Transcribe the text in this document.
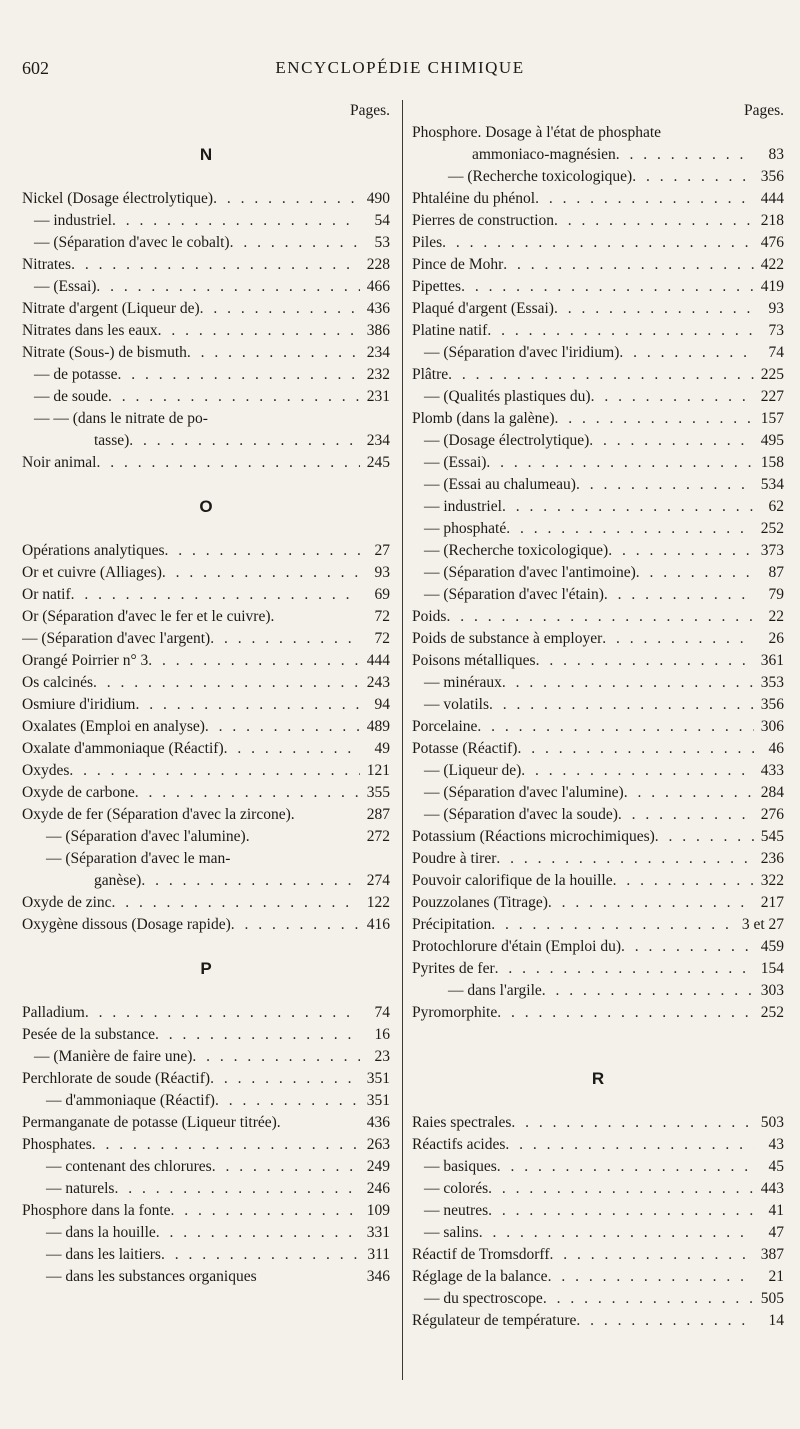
602	ENCYCLOPÉDIE CHIMIQUE
Pages.
N
Nickel (Dosage électrolytique) . . .	490
— industriel . . .	54
— (Séparation d'avec le cobalt) . . .	53
Nitrates . . .	228
— (Essai) . . .	466
Nitrate d'argent (Liqueur de) . . .	436
Nitrates dans les eaux . . .	386
Nitrate (Sous-) de bismuth . . .	234
— de potasse . . .	232
— de soude . . .	231
— — (dans le nitrate de po-
tasse) . . .	234
Noir animal . . .	245
O
Opérations analytiques . . .	27
Or et cuivre (Alliages) . . .	93
Or natif . . .	69
Or (Séparation d'avec le fer et le cuivre).	72
— (Séparation d'avec l'argent) . . .	72
Orangé Poirrier n° 3 . . .	444
Os calcinés . . .	243
Osmiure d'iridium . . .	94
Oxalates (Emploi en analyse) . . .	489
Oxalate d'ammoniaque (Réactif) . . .	49
Oxydes . . .	121
Oxyde de carbone . . .	355
Oxyde de fer (Séparation d'avec la zircone).	287
— (Séparation d'avec l'alumine).	272
— (Séparation d'avec le man-
ganèse) . . .	274
Oxyde de zinc . . .	122
Oxygène dissous (Dosage rapide) . . .	416
P
Palladium . . .	74
Pesée de la substance . . .	16
— (Manière de faire une) . . .	23
Perchlorate de soude (Réactif) . . .	351
— d'ammoniaque (Réactif) . . .	351
Permanganate de potasse (Liqueur titrée).	436
Phosphates . . .	263
— contenant des chlorures . . .	249
— naturels . . .	246
Phosphore dans la fonte . . .	109
— dans la houille . . .	331
— dans les laitiers . . .	311
— dans les substances organiques	346
Pages.
Phosphore. Dosage à l'état de phosphate
ammoniaco-magnésien . . .	83
— (Recherche toxicologique) . . .	356
Phtaléine du phénol . . .	444
Pierres de construction . . .	218
Piles . . .	476
Pince de Mohr . . .	422
Pipettes . . .	419
Plaqué d'argent (Essai) . . .	93
Platine natif . . .	73
— (Séparation d'avec l'iridium) . . .	74
Plâtre . . .	225
— (Qualités plastiques du) . . .	227
Plomb (dans la galène) . . .	157
— (Dosage électrolytique) . . .	495
— (Essai) . . .	158
— (Essai au chalumeau) . . .	534
— industriel . . .	62
— phosphaté . . .	252
— (Recherche toxicologique) . . .	373
— (Séparation d'avec l'antimoine) . . .	87
— (Séparation d'avec l'étain) . . .	79
Poids . . .	22
Poids de substance à employer . . .	26
Poisons métalliques . . .	361
— minéraux . . .	353
— volatils . . .	356
Porcelaine . . .	306
Potasse (Réactif) . . .	46
— (Liqueur de) . . .	433
— (Séparation d'avec l'alumine) . . .	284
— (Séparation d'avec la soude) . . .	276
Potassium (Réactions microchimiques) . . .	545
Poudre à tirer . . .	236
Pouvoir calorifique de la houille . . .	322
Pouzzolanes (Titrage) . . .	217
Précipitation . . .	3 et 27
Protochlorure d'étain (Emploi du) . . .	459
Pyrites de fer . . .	154
— dans l'argile . . .	303
Pyromorphite . . .	252
R
Raies spectrales . . .	503
Réactifs acides . . .	43
— basiques . . .	45
— colorés . . .	443
— neutres . . .	41
— salins . . .	47
Réactif de Tromsdorff . . .	387
Réglage de la balance . . .	21
— du spectroscope . . .	505
Régulateur de température . . .	14
